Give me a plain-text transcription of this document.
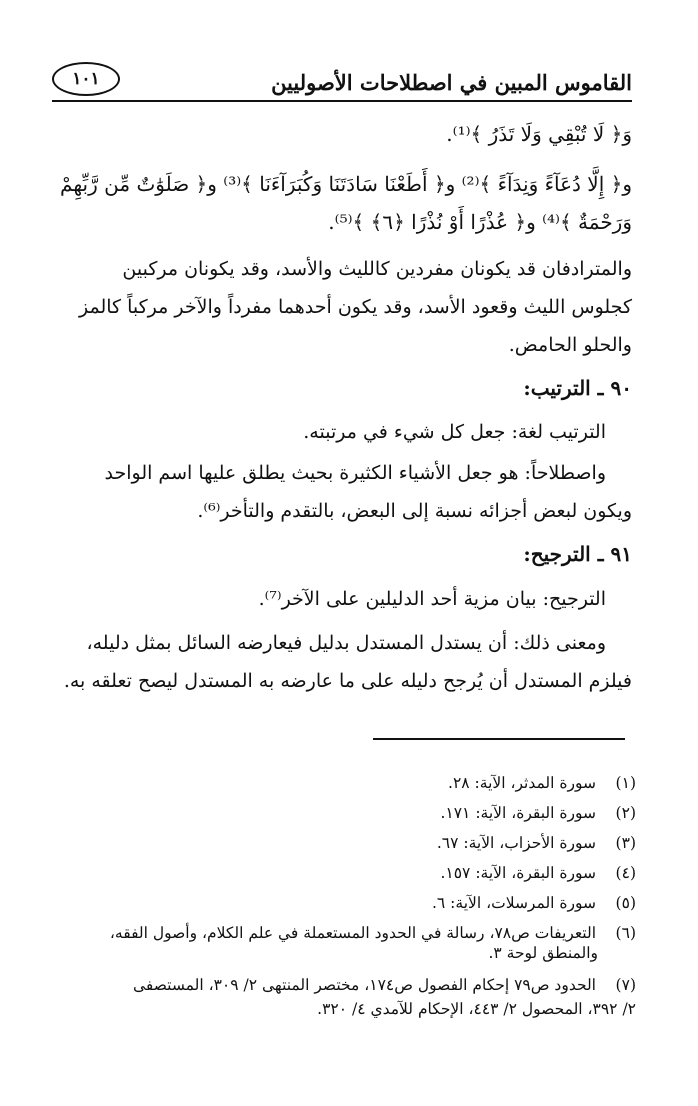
القاموس المبين في اصطلاحات الأصوليين
١٠١
وَ﴿ لَا تُبْقِي وَلَا تَذَرُ ﴾⁽¹⁾.
و﴿ إِلَّا دُعَآءً وَنِدَآءً ﴾⁽²⁾ و﴿ أَطَعْنَا سَادَتَنَا وَكُبَرَآءَنَا ﴾⁽³⁾ و﴿ صَلَوَٰتٌ مِّن رَّبِّهِمْ
وَرَحْمَةٌ ﴾⁽⁴⁾ و﴿ عُذْرًا أَوْ نُذْرًا ﴿٦﴾ ﴾⁽⁵⁾.
والمترادفان قد يكونان مفردين كالليث والأسد، وقد يكونان مركبين
كجلوس الليث وقعود الأسد، وقد يكون أحدهما مفرداً والآخر مركباً كالمز
والحلو الحامض.
٩٠ ـ الترتيب:
الترتيب لغة: جعل كل شيء في مرتبته.
واصطلاحاً: هو جعل الأشياء الكثيرة بحيث يطلق عليها اسم الواحد
ويكون لبعض أجزائه نسبة إلى البعض، بالتقدم والتأخر⁽⁶⁾.
٩١ ـ الترجيح:
الترجيح: بيان مزية أحد الدليلين على الآخر⁽⁷⁾.
ومعنى ذلك: أن يستدل المستدل بدليل فيعارضه السائل بمثل دليله،
فيلزم المستدل أن يُرجح دليله على ما عارضه به المستدل ليصح تعلقه به.
(١)سورة المدثر، الآية: ٢٨.
(٢)سورة البقرة، الآية: ١٧١.
(٣)سورة الأحزاب، الآية: ٦٧.
(٤)سورة البقرة، الآية: ١٥٧.
(٥)سورة المرسلات، الآية: ٦.
(٦)التعريفات ص٧٨، رسالة في الحدود المستعملة في علم الكلام، وأصول الفقه،
والمنطق لوحة ٣.
(٧)الحدود ص٧٩ إحكام الفصول ص١٧٤، مختصر المنتهى ٢/ ٣٠٩، المستصفى
٢/ ٣٩٢، المحصول ٢/ ٤٤٣، الإحكام للآمدي ٤/ ٣٢٠.
